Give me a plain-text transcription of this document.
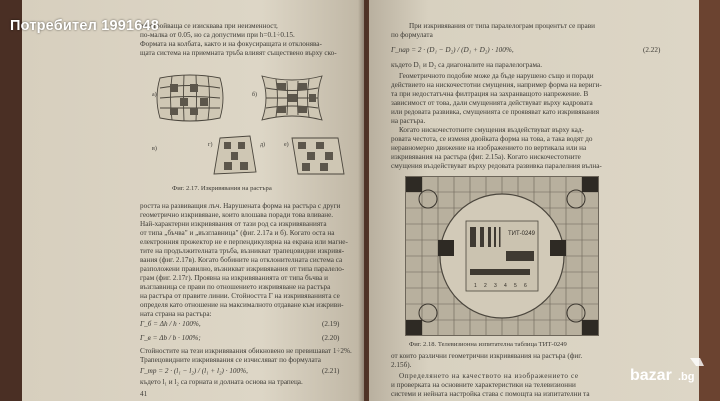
разстройваща се изисквава при неизменност,
по-малка от 0.05, но са допустими при h=0.1÷0.15.
Формата на колбата, както и на фокусиращата и отклонява-
щата система на приемната тръба влияят съществено върху ско-
a)	б)
в)
г)	д)	е)
Фиг. 2.17. Изкривявания на растъра
ростта на развиващия лъч. Нарушената форма на растъра с други
геометрично изкривяване, които влошава поради това вливане.
Най-характерни изкривявания от тази род са изкривяванията
от типа „бъчва" и „възглавница" (фиг. 2.17а и б). Когато оста на
електронния прожектор не е перпендикулярна на екрана или магне-
тите на продължителната тръба, възникват трапецовидни изкривя-
вания (фиг. 2.17в). Когато бобините на отклонителната система са
разположени правилно, възникват изкривявания от типа паралело-
грам (фиг. 2.17г). Проявна на изкривяванията от типа бъчва и
възглавница се прави по отношението изкривяване на растъра
на растъра от правите линии. Стойността Г на изкривяванията се
определя като отношение на максималното отдаване към изкриви-
ната страна на растъра:
Г_б = Δh / h · 100%,	(2.19)
Г_в = Δb / b · 100%;	(2.20)
Стойностите на тези изкривявания обикновено не превишават 1÷2%.
Трапецовидните изкривявания се изчисляват по формулата
Г_тр = 2 · (l₁ − l₂) / (l₁ + l₂) · 100%,	(2.21)
където l₁ и l₂ са горната и долната основа на трапеца.
41
При изкривявания от типа паралелограм процентът се прави
по формулата
Г_пар = 2 · (D₁ − D₂) / (D₁ + D₂) · 100%,	(2.22)
където D₁ и D₂ са диагоналите на паралелограма.
Геометричното подобие може да бъде нарушено също и поради
действието на нискочестотни смущения, например форма на вериги-
та при недостатъчна филтрация на захранващото напрежение. В
зависимост от това, дали смущенията действуват върху кадровата
или редовата развивка, смущенията се проявяват като изкривявания
на растъра.
Когато нискочестотните смущения въздействуват върху кад-
ровата честота, се изменя двойката форма на това, а така водят до
неравномерно движение на изображението по вертикала или на
изкривявания на растъра (фиг. 2.15а). Когато нискочестотните
смущения въздействуват върху редовата развивка паралелния вълна-
ТИТ-0249
1 2 3 4 5 6
Фиг. 2.18. Телевизионна изпитателна таблица ТИТ-0249
от които различни геометрични изкривявания на растъра (фиг.
2.15б).
Определянето на качеството на изображението се
и проверката на основните характеристики на телевизионни
системи и нейната настройка става с помощта на изпитателни та
Потребител 1991648
bazar .bg
